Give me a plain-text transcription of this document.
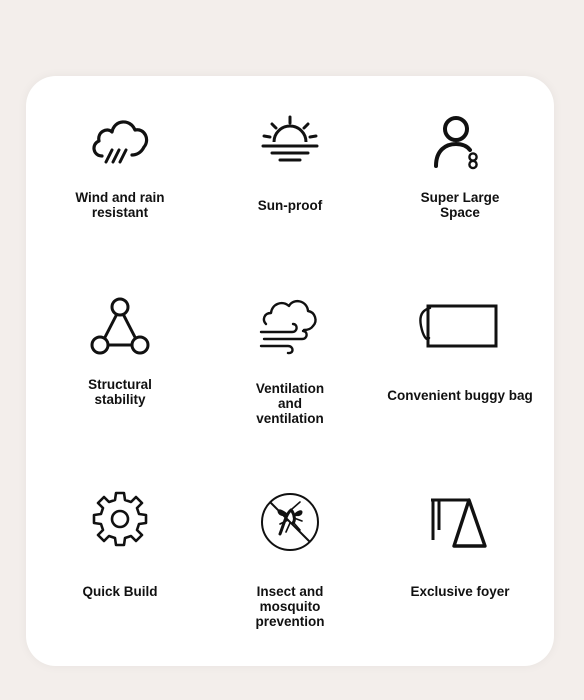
Wind and rain
resistant	Sun-proof
Super Large
Space
Structural
stability
Ventilation
and
ventilation
Convenient buggy bag
Quick Build	Insect and
mosquito
prevention
Exclusive foyer
